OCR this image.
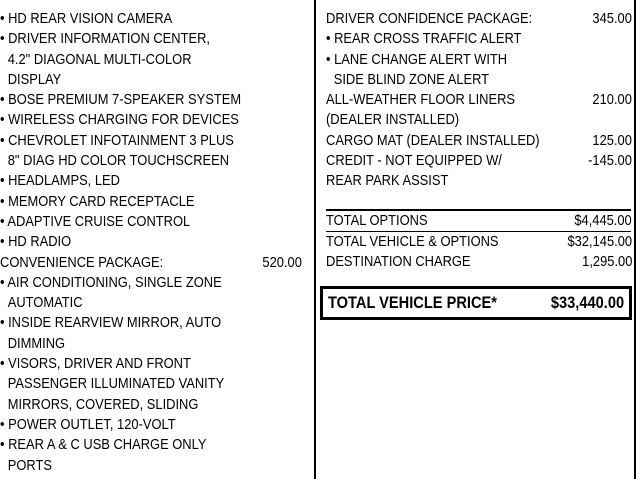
• HD REAR VISION CAMERA
• DRIVER INFORMATION CENTER,
4.2" DIAGONAL MULTI-COLOR
DISPLAY
• BOSE PREMIUM 7-SPEAKER SYSTEM
• WIRELESS CHARGING FOR DEVICES
• CHEVROLET INFOTAINMENT 3 PLUS
8" DIAG HD COLOR TOUCHSCREEN
• HEADLAMPS, LED
• MEMORY CARD RECEPTACLE
• ADAPTIVE CRUISE CONTROL
• HD RADIO
CONVENIENCE PACKAGE:	520.00
• AIR CONDITIONING, SINGLE ZONE
AUTOMATIC
• INSIDE REARVIEW MIRROR, AUTO
DIMMING
• VISORS, DRIVER AND FRONT
PASSENGER ILLUMINATED VANITY
MIRRORS, COVERED, SLIDING
• POWER OUTLET, 120-VOLT
• REAR A & C USB CHARGE ONLY
PORTS
DRIVER CONFIDENCE PACKAGE:	345.00
• REAR CROSS TRAFFIC ALERT
• LANE CHANGE ALERT WITH
SIDE BLIND ZONE ALERT
ALL-WEATHER FLOOR LINERS	210.00
(DEALER INSTALLED)
CARGO MAT (DEALER INSTALLED)	125.00
CREDIT - NOT EQUIPPED W/	-145.00
REAR PARK ASSIST
TOTAL OPTIONS	$4,445.00
TOTAL VEHICLE & OPTIONS	$32,145.00
DESTINATION CHARGE	1,295.00
TOTAL VEHICLE PRICE*	$33,440.00
